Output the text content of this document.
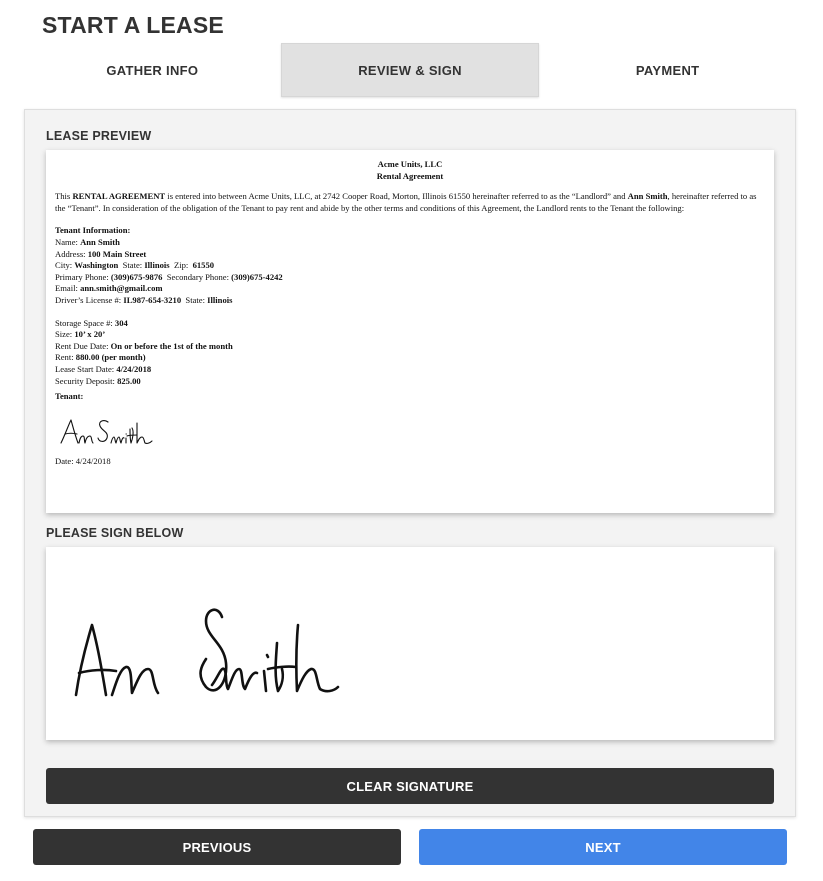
START A LEASE
GATHER INFO	REVIEW & SIGN	PAYMENT
LEASE PREVIEW
Acme Units, LLC
Rental Agreement
This RENTAL AGREEMENT is entered into between Acme Units, LLC, at 2742 Cooper Road, Morton, Illinois 61550 hereinafter referred to as the “Landlord” and Ann Smith, hereinafter referred to as the “Tenant”. In consideration of the obligation of the Tenant to pay rent and abide by the other terms and conditions of this Agreement, the Landlord rents to the Tenant the following:
Tenant Information:
Name: Ann Smith
Address: 100 Main Street
City: Washington  State: Illinois  Zip:  61550
Primary Phone: (309)675-9876  Secondary Phone: (309)675-4242
Email: ann.smith@gmail.com
Driver’s License #: IL987-654-3210  State: Illinois
Storage Space #: 304
Size: 10’ x 20’
Rent Due Date: On or before the 1st of the month
Rent: 880.00 (per month)
Lease Start Date: 4/24/2018
Security Deposit: 825.00
Tenant:
Date: 4/24/2018
PLEASE SIGN BELOW
CLEAR SIGNATURE
PREVIOUS	NEXT
